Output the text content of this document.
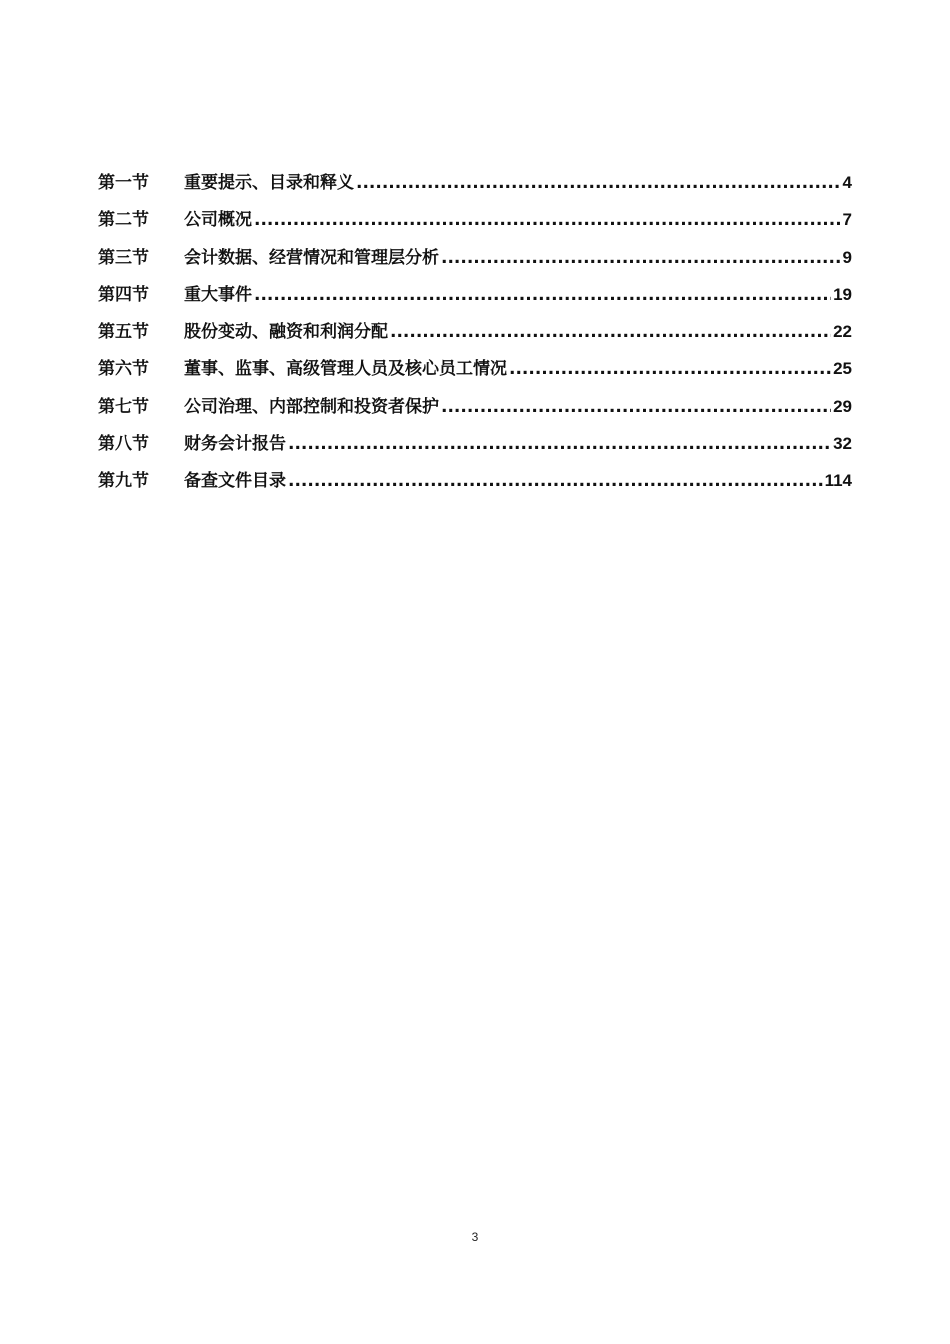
第一节	重要提示、目录和释义 .....	4
第二节	公司概况 .....	7
第三节	会计数据、经营情况和管理层分析 .....	9
第四节	重大事件 .....	19
第五节	股份变动、融资和利润分配 .....	22
第六节	董事、监事、高级管理人员及核心员工情况 .....	25
第七节	公司治理、内部控制和投资者保护 .....	29
第八节	财务会计报告 .....	32
第九节	备查文件目录 .....	114
3
